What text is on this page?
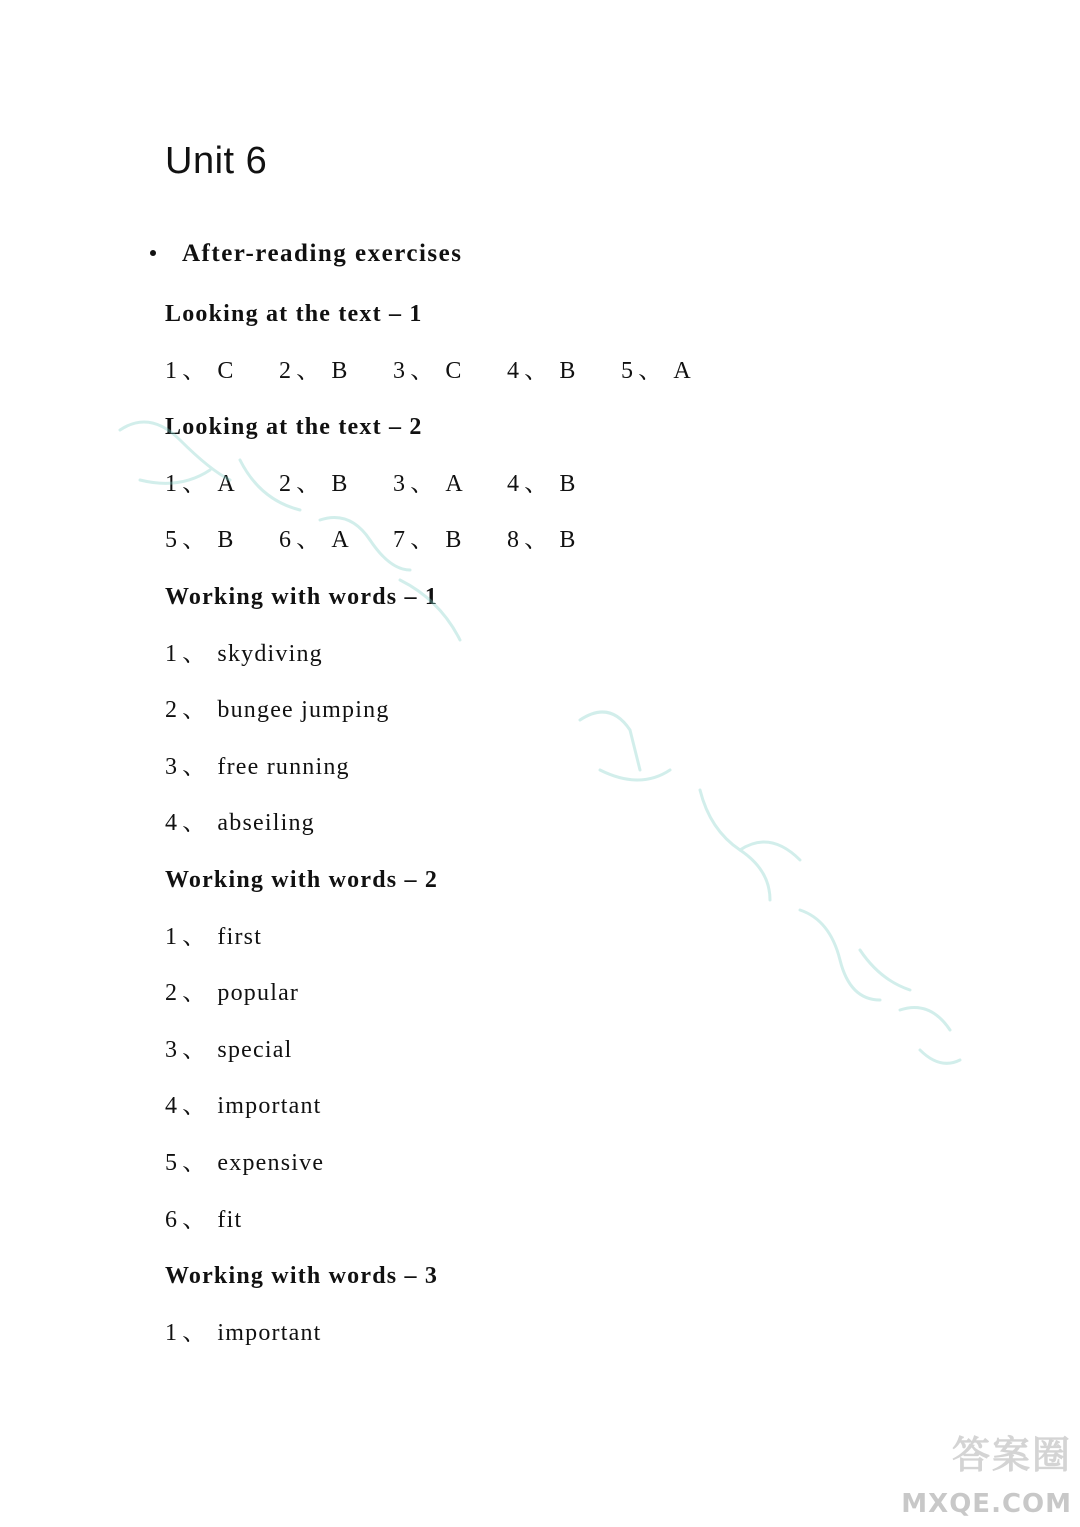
Unit 6
After-reading exercises
Looking at the text – 1
1 、 C 2 、 B 3 、 C 4 、 B 5 、 A
Looking at the text – 2
1 、 A 2 、 B 3 、 A 4 、 B
5 、 B 6 、 A 7 、 B 8 、 B
Working with words – 1
1 、 skydiving
2 、 bungee jumping
3 、 free running
4 、 abseiling
Working with words – 2
1 、 first
2 、 popular
3 、 special
4 、 important
5 、 expensive
6 、 fit
Working with words – 3
1 、 important
答案圈
MXQE.COM
